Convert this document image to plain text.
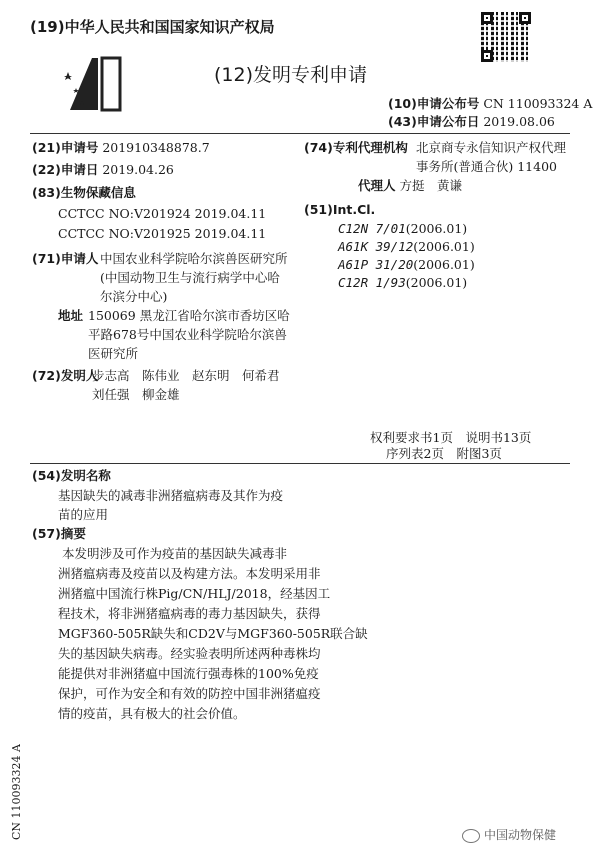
(19)中华人民共和国国家知识产权局
(12)发明专利申请
(10)申请公布号 CN 110093324 A
(43)申请公布日 2019.08.06
(21)申请号 201910348878.7
(22)申请日 2019.04.26
(83)生物保藏信息
CCTCC NO:V201924 2019.04.11
CCTCC NO:V201925 2019.04.11
(71)申请人 中国农业科学院哈尔滨兽医研究所
(中国动物卫生与流行病学中心哈
尔滨分中心)
地址 150069 黑龙江省哈尔滨市香坊区哈
平路678号中国农业科学院哈尔滨兽
医研究所
(72)发明人
步志高　陈伟业　赵东明　何希君
刘任强　柳金雄
(74)专利代理机构 北京商专永信知识产权代理
事务所(普通合伙) 11400
代理人 方挺　黄谦
(51)Int.Cl.
C12N 7/01(2006.01)
A61K 39/12(2006.01)
A61P 31/20(2006.01)
C12R 1/93(2006.01)
权利要求书1页　说明书13页
序列表2页　附图3页
(54)发明名称
基因缺失的减毒非洲猪瘟病毒及其作为疫
苗的应用
(57)摘要
本发明涉及可作为疫苗的基因缺失减毒非
洲猪瘟病毒及疫苗以及构建方法。本发明采用非
洲猪瘟中国流行株Pig/CN/HLJ/2018，经基因工
程技术，将非洲猪瘟病毒的毒力基因缺失，获得
MGF360-505R缺失和CD2V与MGF360-505R联合缺
失的基因缺失病毒。经实验表明所述两种毒株均
能提供对非洲猪瘟中国流行强毒株的100%免疫
保护，可作为安全和有效的防控中国非洲猪瘟疫
情的疫苗，具有极大的社会价值。
CN 110093324 A	中国动物保健
